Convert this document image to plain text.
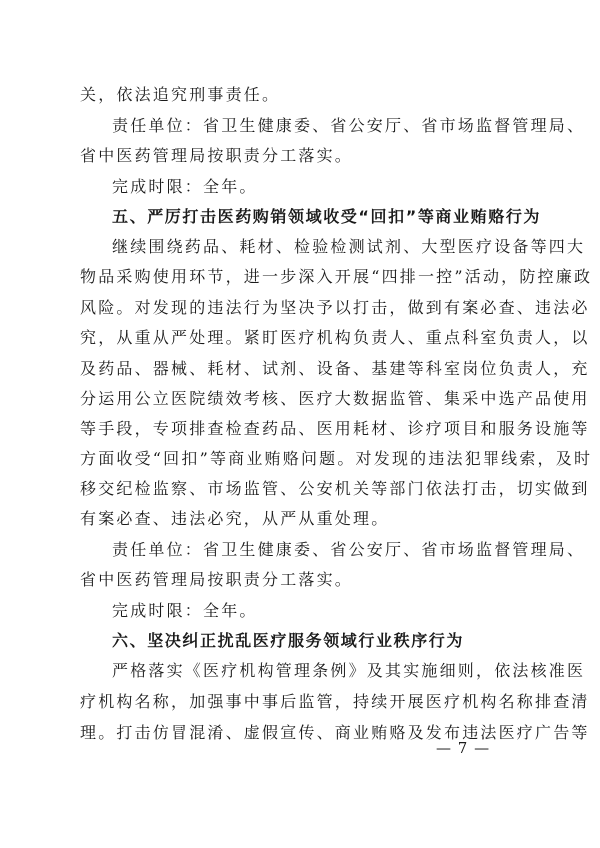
关，依法追究刑事责任。
责任单位：省卫生健康委、省公安厅、省市场监督管理局、
省中医药管理局按职责分工落实。
完成时限：全年。
五、严厉打击医药购销领域收受“回扣”等商业贿赂行为
继续围绕药品、耗材、检验检测试剂、大型医疗设备等四大
物品采购使用环节，进一步深入开展“四排一控”活动，防控廉政
风险。对发现的违法行为坚决予以打击，做到有案必查、违法必
究，从重从严处理。紧盯医疗机构负责人、重点科室负责人，以
及药品、器械、耗材、试剂、设备、基建等科室岗位负责人，充
分运用公立医院绩效考核、医疗大数据监管、集采中选产品使用
等手段，专项排查检查药品、医用耗材、诊疗项目和服务设施等
方面收受“回扣”等商业贿赂问题。对发现的违法犯罪线索，及时
移交纪检监察、市场监管、公安机关等部门依法打击，切实做到
有案必查、违法必究，从严从重处理。
责任单位：省卫生健康委、省公安厅、省市场监督管理局、
省中医药管理局按职责分工落实。
完成时限：全年。
六、坚决纠正扰乱医疗服务领域行业秩序行为
严格落实《医疗机构管理条例》及其实施细则，依法核准医
疗机构名称，加强事中事后监管，持续开展医疗机构名称排查清
理。打击仿冒混淆、虚假宣传、商业贿赂及发布违法医疗广告等
— 7 —
